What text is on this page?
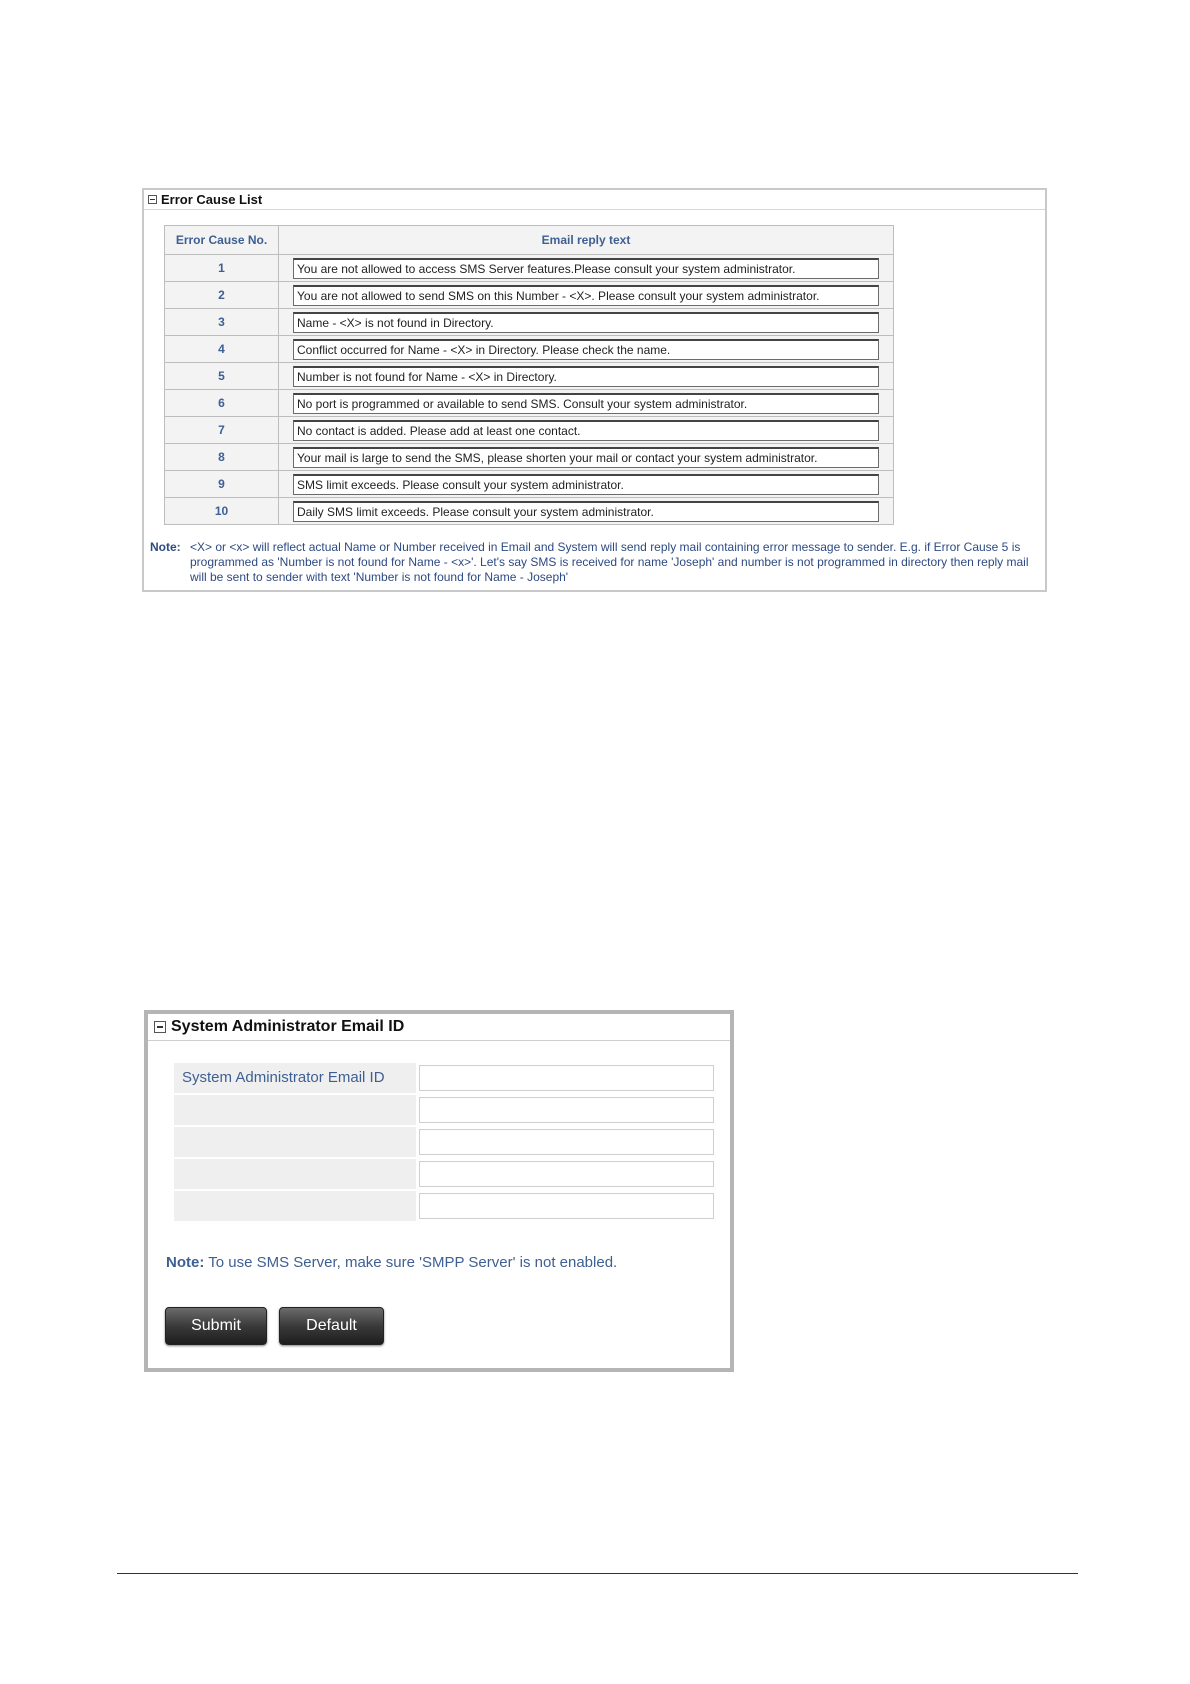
Error Cause List
Error Cause No.	Email reply text
1	You are not allowed to access SMS Server features.Please consult your system administrator.

2	You are not allowed to send SMS on this Number - <X>. Please consult your system administrator.

3	Name - <X> is not found in Directory.

4	Conflict occurred for Name - <X> in Directory. Please check the name.

5	Number is not found for Name - <X> in Directory.

6	No port is programmed or available to send SMS. Consult your system administrator.

7	No contact is added. Please add at least one contact.

8	Your mail is large to send the SMS, please shorten your mail or contact your system administrator.

9	SMS limit exceeds. Please consult your system administrator.

10	Daily SMS limit exceeds. Please consult your system administrator.
Note: <X> or <x> will reflect actual Name or Number received in Email and System will send reply mail containing error message to sender. E.g. if Error Cause 5 is programmed as 'Number is not found for Name - <x>'. Let's say SMS is received for name 'Joseph' and number is not programmed in directory then reply mail will be sent to sender with text 'Number is not found for Name - Joseph'
System Administrator Email ID
System Administrator Email ID
Note: To use SMS Server, make sure 'SMPP Server' is not enabled.
Submit	Default
